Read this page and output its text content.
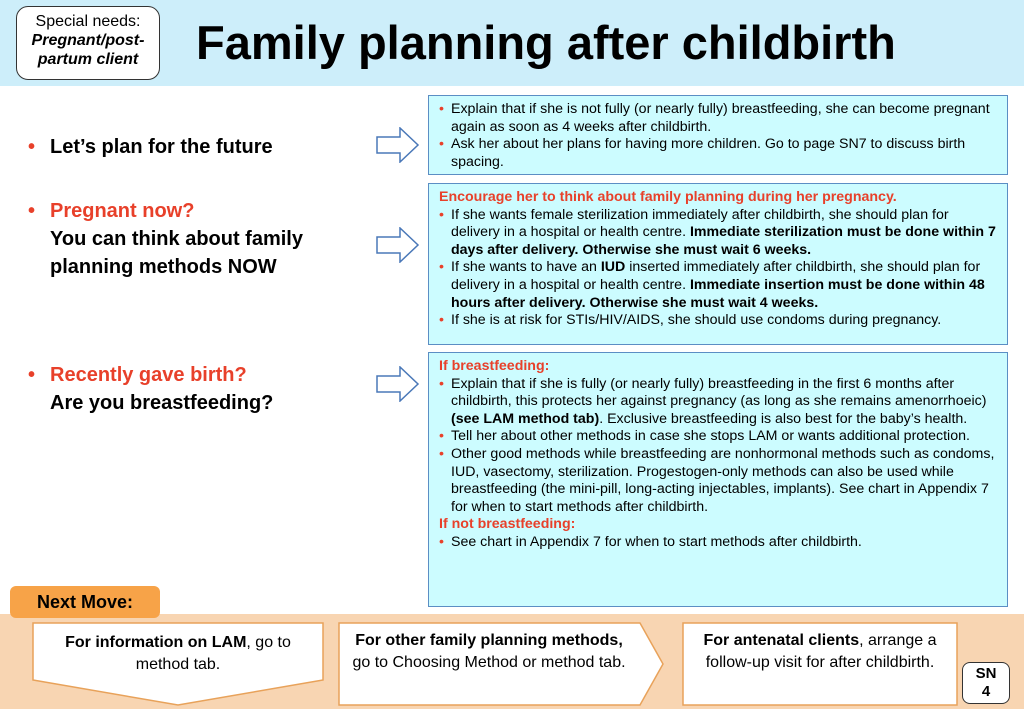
Special needs:
Pregnant/post-
partum client	Family planning after childbirth
• Let’s plan for the future
• Pregnant now?
You can think about family
planning methods NOW
• Recently gave birth?
Are you breastfeeding?
• Explain that if she is not fully (or nearly fully) breastfeeding, she can become pregnant again as soon as 4 weeks after childbirth.
• Ask her about her plans for having more children. Go to page SN7 to discuss birth spacing.
Encourage her to think about family planning during her pregnancy.
• If she wants female sterilization immediately after childbirth, she should plan for delivery in a hospital or health centre. Immediate sterilization must be done within 7 days after delivery. Otherwise she must wait 6 weeks.
• If she wants to have an IUD inserted immediately after childbirth, she should plan for delivery in a hospital or health centre. Immediate insertion must be done within 48 hours after delivery. Otherwise she must wait 4 weeks.
• If she is at risk for STIs/HIV/AIDS, she should use condoms during pregnancy.
If breastfeeding:
• Explain that if she is fully (or nearly fully) breastfeeding in the first 6 months after childbirth, this protects her against pregnancy (as long as she remains amenorrhoeic) (see LAM method tab). Exclusive breastfeeding is also best for the baby’s health.
• Tell her about other methods in case she stops LAM or wants additional protection.
• Other good methods while breastfeeding are nonhormonal methods such as condoms, IUD, vasectomy, sterilization. Progestogen-only methods can also be used while breastfeeding (the mini-pill, long-acting injectables, implants). See chart in Appendix 7 for when to start methods after childbirth.
If not breastfeeding:
• See chart in Appendix 7 for when to start methods after childbirth.
Next Move:
For information on LAM, go to method tab.
For other family planning methods, go to Choosing Method or method tab.
For antenatal clients, arrange a follow-up visit for after childbirth.
SN
4
